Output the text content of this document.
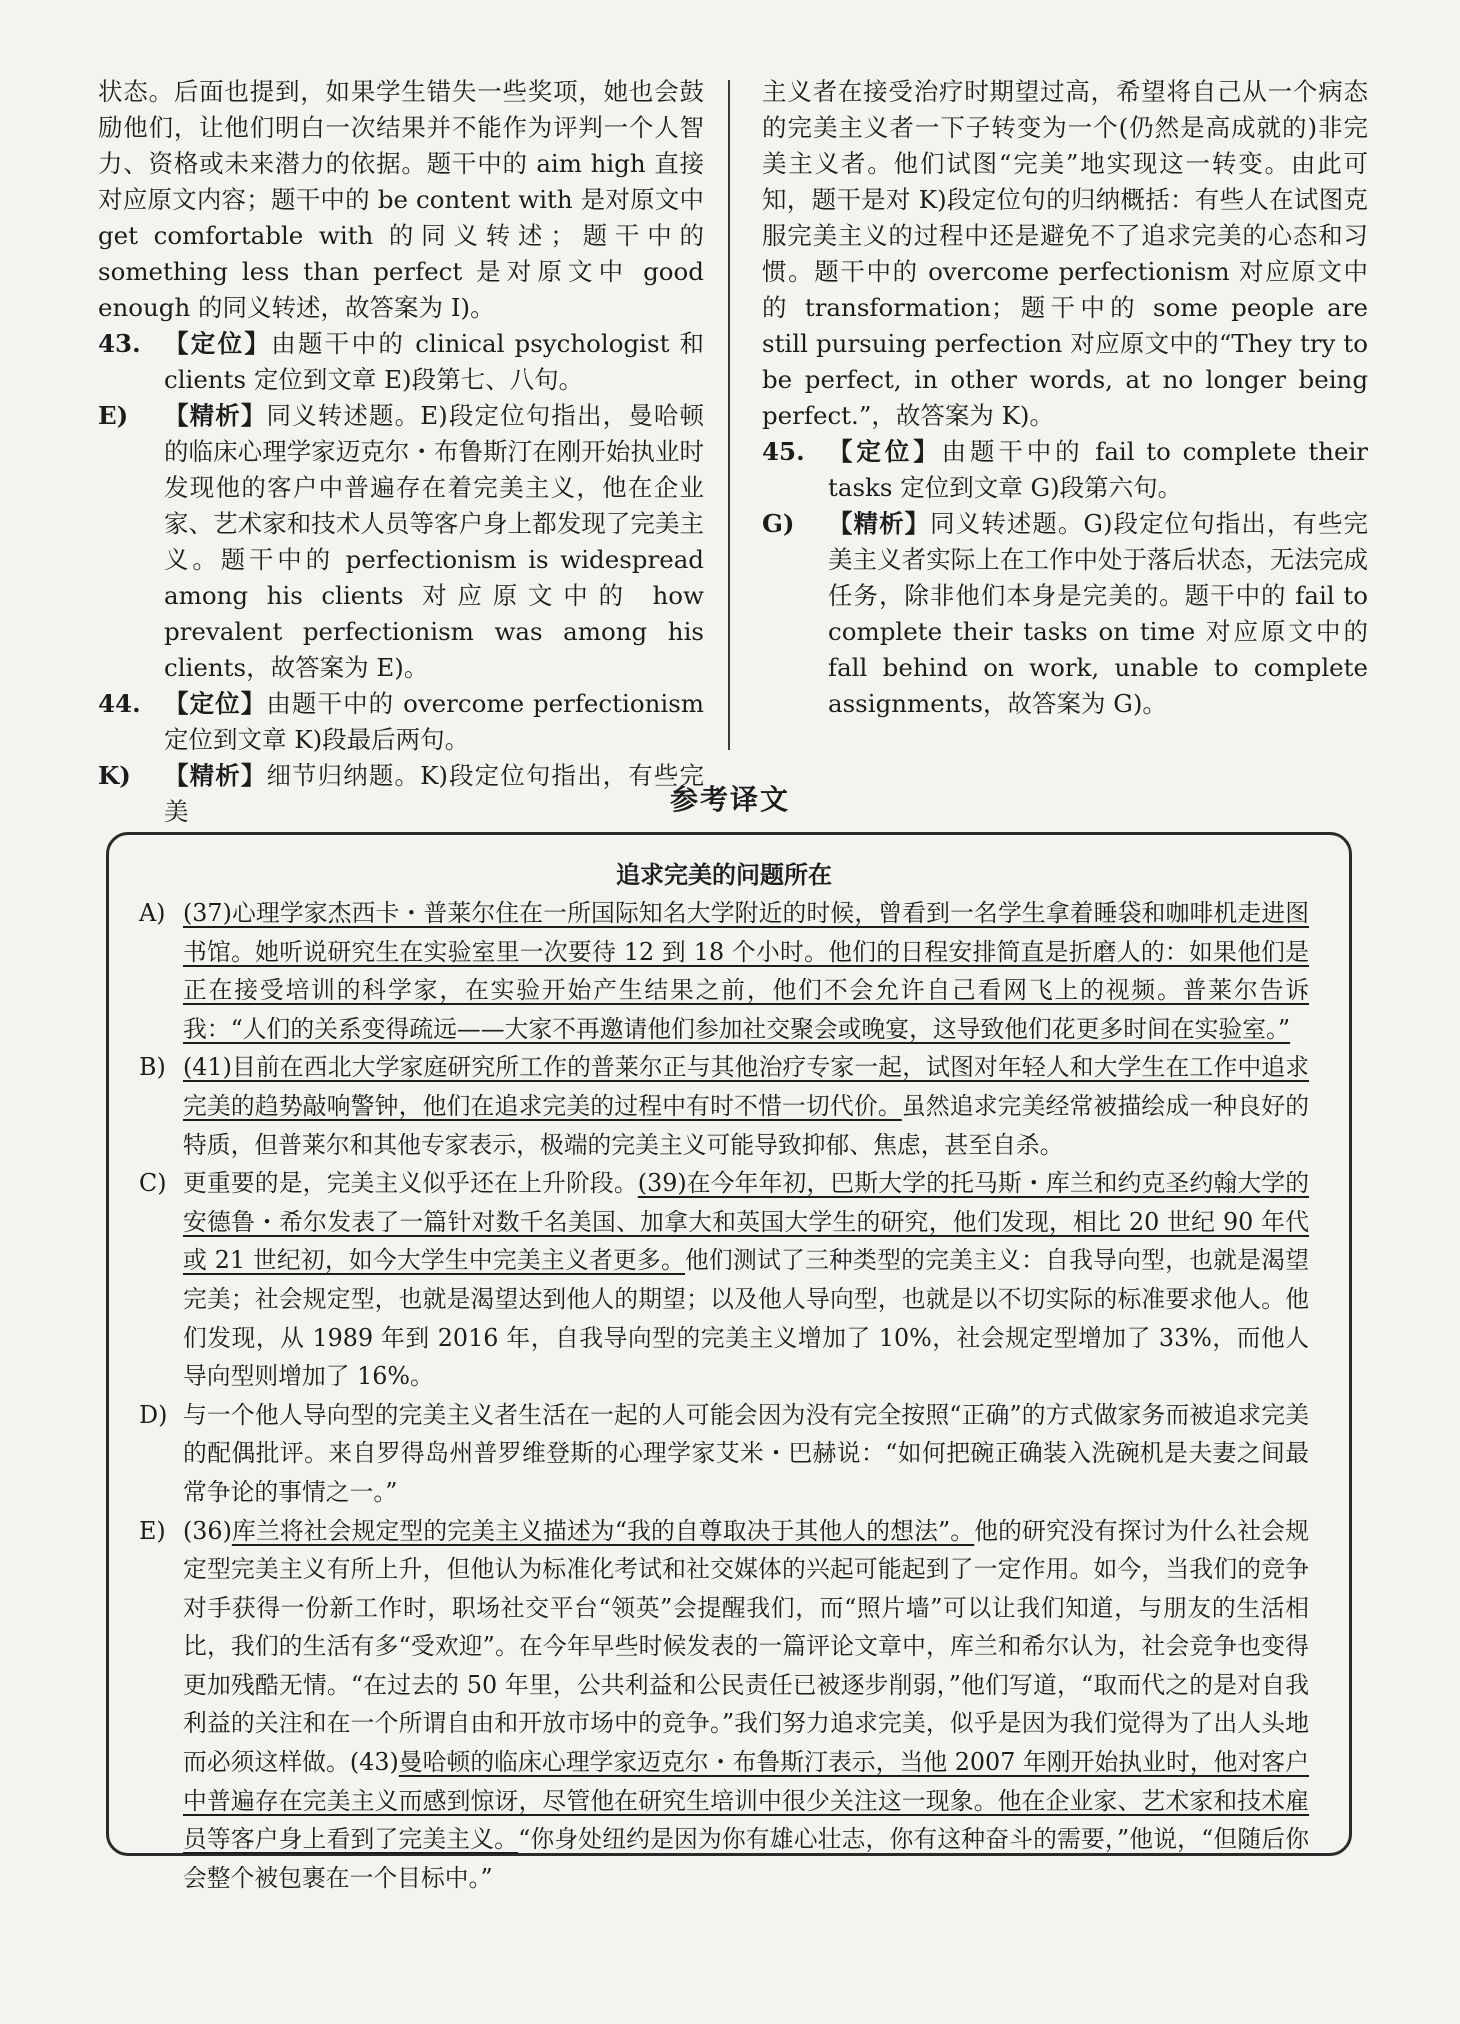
状态。后面也提到，如果学生错失一些奖项，她也会鼓励他们，让他们明白一次结果并不能作为评判一个人智力、资格或未来潜力的依据。题干中的 aim high 直接对应原文内容；题干中的 be content with 是对原文中 get comfortable with 的同义转述；题干中的 something less than perfect 是对原文中 good enough 的同义转述，故答案为 I)。

43. 【定位】由题干中的 clinical psychologist 和 clients 定位到文章 E)段第七、八句。
E)	【精析】同义转述题。E)段定位句指出，曼哈顿的临床心理学家迈克尔・布鲁斯汀在刚开始执业时发现他的客户中普遍存在着完美主义，他在企业家、艺术家和技术人员等客户身上都发现了完美主义。题干中的 perfectionism is widespread among his clients 对应原文中的 how prevalent perfectionism was among his clients，故答案为 E)。
44. 【定位】由题干中的 overcome perfectionism 定位到文章 K)段最后两句。
K)	【精析】细节归纳题。K)段定位句指出，有些完美

主义者在接受治疗时期望过高，希望将自己从一个病态的完美主义者一下子转变为一个(仍然是高成就的)非完美主义者。他们试图“完美”地实现这一转变。由此可知，题干是对 K)段定位句的归纳概括：有些人在试图克服完美主义的过程中还是避免不了追求完美的心态和习惯。题干中的 overcome perfectionism 对应原文中的 transformation；题干中的 some people are still pursuing perfection 对应原文中的“They try to be perfect, in other words, at no longer being perfect.”，故答案为 K)。

45. 【定位】由题干中的 fail to complete their tasks 定位到文章 G)段第六句。
G)	【精析】同义转述题。G)段定位句指出，有些完美主义者实际上在工作中处于落后状态，无法完成任务，除非他们本身是完美的。题干中的 fail to complete their tasks on time 对应原文中的 fall behind on work, unable to complete assignments，故答案为 G)。
参考译文
追求完美的问题所在
A) (37)心理学家杰西卡・普莱尔住在一所国际知名大学附近的时候，曾看到一名学生拿着睡袋和咖啡机走进图书馆。她听说研究生在实验室里一次要待 12 到 18 个小时。他们的日程安排简直是折磨人的：如果他们是正在接受培训的科学家，在实验开始产生结果之前，他们不会允许自己看网飞上的视频。普莱尔告诉我：“人们的关系变得疏远——大家不再邀请他们参加社交聚会或晚宴，这导致他们花更多时间在实验室。”
B) (41)目前在西北大学家庭研究所工作的普莱尔正与其他治疗专家一起，试图对年轻人和大学生在工作中追求完美的趋势敲响警钟，他们在追求完美的过程中有时不惜一切代价。虽然追求完美经常被描绘成一种良好的特质，但普莱尔和其他专家表示，极端的完美主义可能导致抑郁、焦虑，甚至自杀。
C) 更重要的是，完美主义似乎还在上升阶段。(39)在今年年初，巴斯大学的托马斯・库兰和约克圣约翰大学的安德鲁・希尔发表了一篇针对数千名美国、加拿大和英国大学生的研究，他们发现，相比 20 世纪 90 年代或 21 世纪初，如今大学生中完美主义者更多。他们测试了三种类型的完美主义：自我导向型，也就是渴望完美；社会规定型，也就是渴望达到他人的期望；以及他人导向型，也就是以不切实际的标准要求他人。他们发现，从 1989 年到 2016 年，自我导向型的完美主义增加了 10%，社会规定型增加了 33%，而他人导向型则增加了 16%。
D) 与一个他人导向型的完美主义者生活在一起的人可能会因为没有完全按照“正确”的方式做家务而被追求完美的配偶批评。来自罗得岛州普罗维登斯的心理学家艾米・巴赫说：“如何把碗正确装入洗碗机是夫妻之间最常争论的事情之一。”
E) (36)库兰将社会规定型的完美主义描述为“我的自尊取决于其他人的想法”。他的研究没有探讨为什么社会规定型完美主义有所上升，但他认为标准化考试和社交媒体的兴起可能起到了一定作用。如今，当我们的竞争对手获得一份新工作时，职场社交平台“领英”会提醒我们，而“照片墙”可以让我们知道，与朋友的生活相比，我们的生活有多“受欢迎”。在今年早些时候发表的一篇评论文章中，库兰和希尔认为，社会竞争也变得更加残酷无情。“在过去的 50 年里，公共利益和公民责任已被逐步削弱，”他们写道，“取而代之的是对自我利益的关注和在一个所谓自由和开放市场中的竞争。”我们努力追求完美，似乎是因为我们觉得为了出人头地而必须这样做。(43)曼哈顿的临床心理学家迈克尔・布鲁斯汀表示，当他 2007 年刚开始执业时，他对客户中普遍存在完美主义而感到惊讶，尽管他在研究生培训中很少关注这一现象。他在企业家、艺术家和技术雇员等客户身上看到了完美主义。“你身处纽约是因为你有雄心壮志，你有这种奋斗的需要，”他说，“但随后你会整个被包裹在一个目标中。”
